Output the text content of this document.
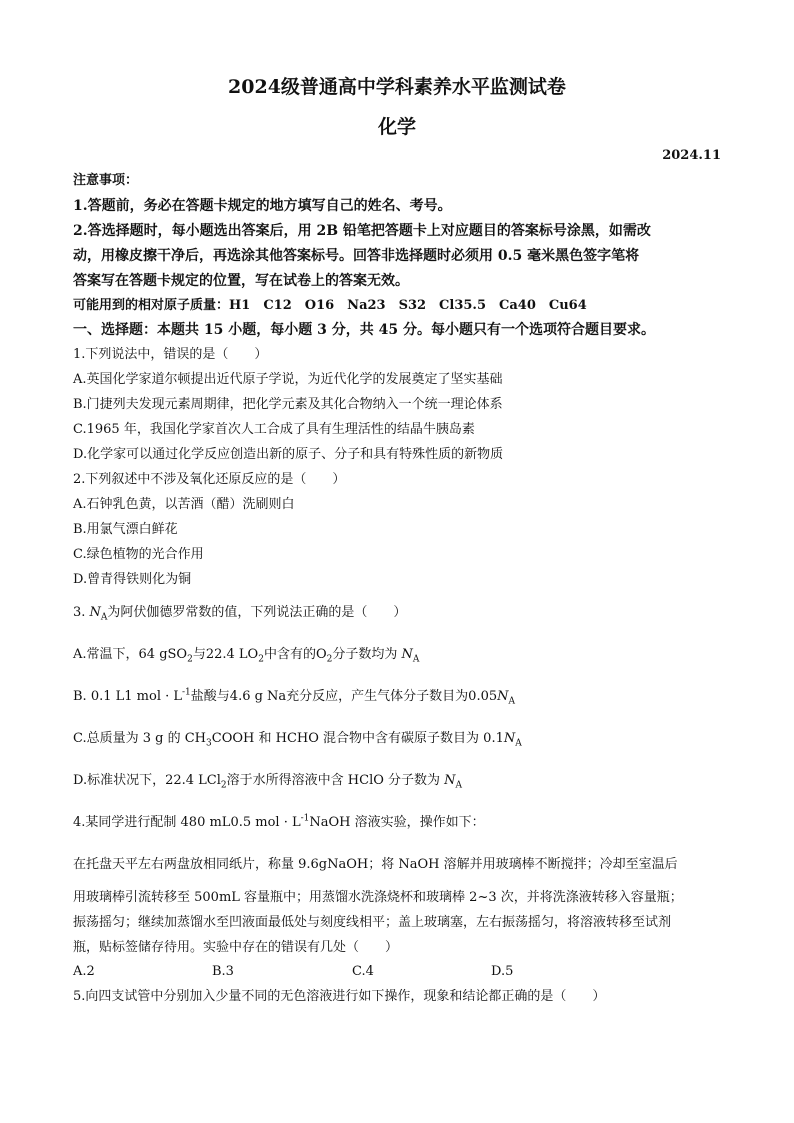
2024级普通高中学科素养水平监测试卷
化学
2024.11
注意事项：
1.答题前，务必在答题卡规定的地方填写自己的姓名、考号。
2.答选择题时，每小题选出答案后，用 2B 铅笔把答题卡上对应题目的答案标号涂黑，如需改
动，用橡皮擦干净后，再选涂其他答案标号。回答非选择题时必须用 0.5 毫米黑色签字笔将
答案写在答题卡规定的位置，写在试卷上的答案无效。
可能用到的相对原子质量：H1　C12　O16　Na23　S32　Cl35.5　Ca40　Cu64
一、选择题：本题共 15 小题，每小题 3 分，共 45 分。每小题只有一个选项符合题目要求。
1.下列说法中，错误的是（　　）
A.英国化学家道尔顿提出近代原子学说，为近代化学的发展奠定了坚实基础
B.门捷列夫发现元素周期律，把化学元素及其化合物纳入一个统一理论体系
C.1965 年，我国化学家首次人工合成了具有生理活性的结晶牛胰岛素
D.化学家可以通过化学反应创造出新的原子、分子和具有特殊性质的新物质
2.下列叙述中不涉及氧化还原反应的是（　　）
A.石钟乳色黄，以苦酒（醋）洗刷则白
B.用氯气漂白鲜花
C.绿色植物的光合作用
D.曾青得铁则化为铜
3. $N_A$为阿伏伽德罗常数的值，下列说法正确的是（　　）
A.常温下，64 gSO$_2$与22.4 $LO_2$中含有的$O_2$分子数均为 $N_A$
B. 0.1 L1 mol · $L^{-1}$盐酸与4.6 g Na充分反应，产生气体分子数目为$0.05N_A$
C.总质量为 3 g 的 $CH_3COOH$ 和 HCHO 混合物中含有碳原子数目为 $0.1N_A$
D.标准状况下，22.4 LCl$_2$溶于水所得溶液中含 HClO 分子数为 $N_A$
4.某同学进行配制 480 mL0.5 mol · $L^{-1}NaOH$ 溶液实验，操作如下：
在托盘天平左右两盘放相同纸片，称量 9.6gNaOH；将 NaOH 溶解并用玻璃棒不断搅拌；冷却至室温后
用玻璃棒引流转移至 500mL 容量瓶中；用蒸馏水洗涤烧杯和玻璃棒 2~3 次，并将洗涤液转移入容量瓶；
振荡摇匀；继续加蒸馏水至凹液面最低处与刻度线相平；盖上玻璃塞，左右振荡摇匀，将溶液转移至试剂
瓶，贴标签储存待用。实验中存在的错误有几处（　　）
A.2	B.3	C.4	D.5
5.向四支试管中分别加入少量不同的无色溶液进行如下操作，现象和结论都正确的是（　　）
